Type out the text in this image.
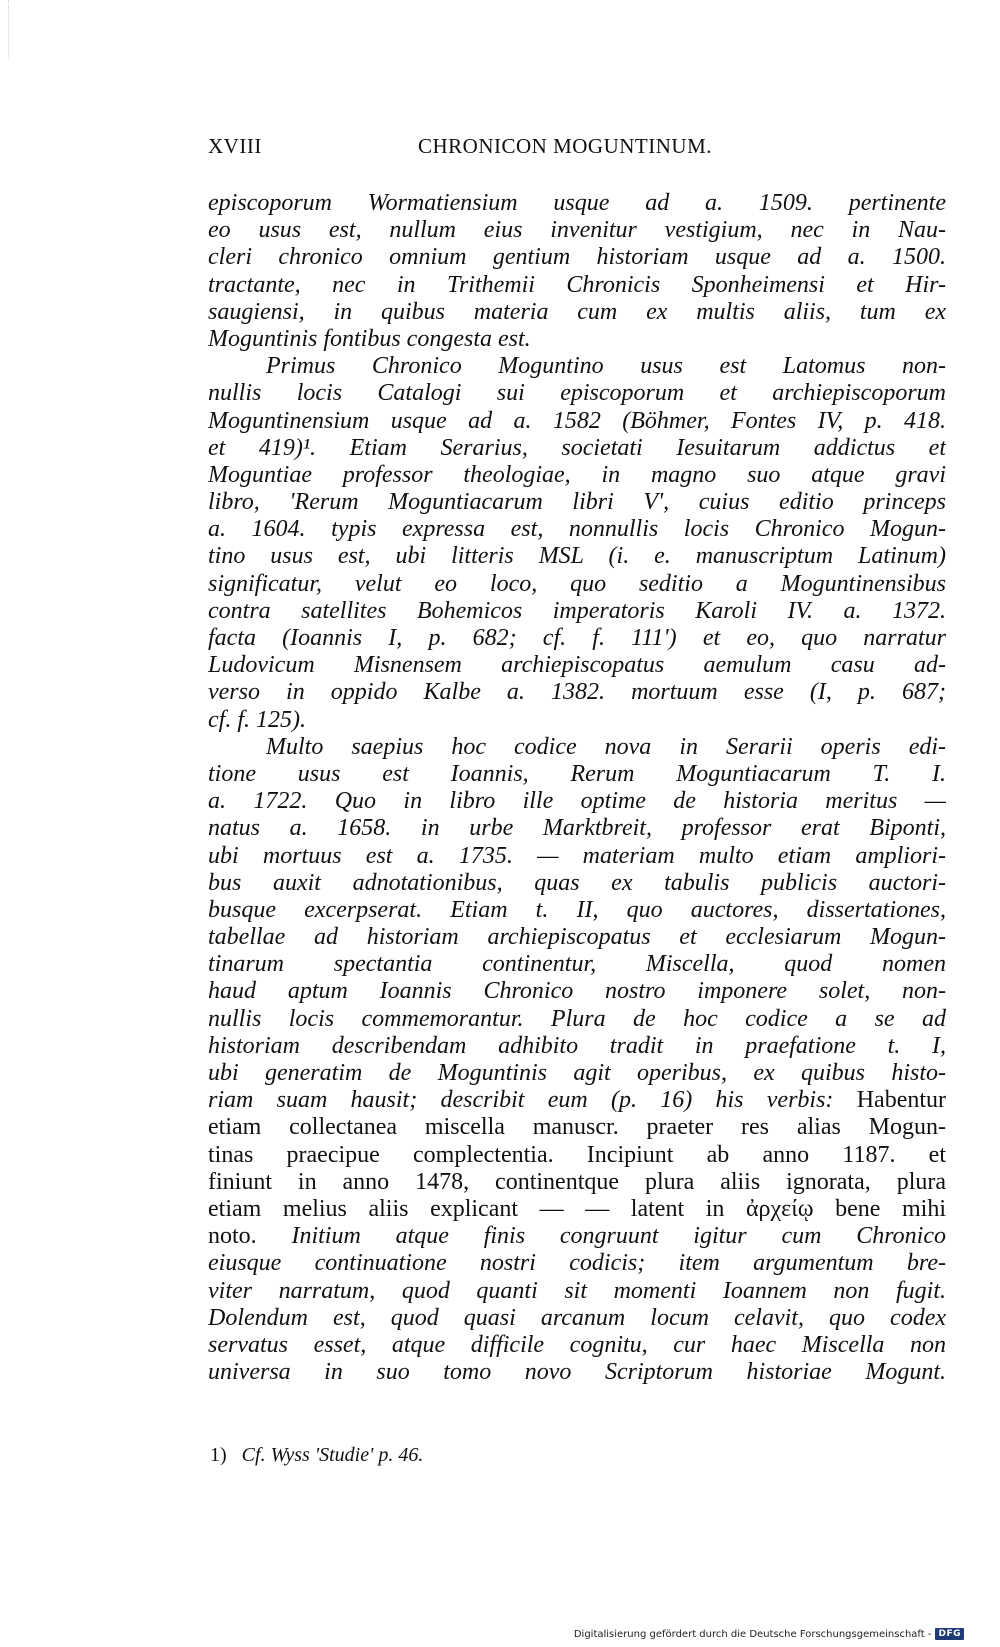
XVIII	CHRONICON MOGUNTINUM.
episcoporum Wormatiensium usque ad a. 1509. pertinente
eo usus est, nullum eius invenitur vestigium, nec in Nau-
cleri chronico omnium gentium historiam usque ad a. 1500.
tractante, nec in Trithemii Chronicis Sponheimensi et Hir-
saugiensi, in quibus materia cum ex multis aliis, tum ex
Moguntinis fontibus congesta est.
Primus Chronico Moguntino usus est Latomus non-
nullis locis Catalogi sui episcoporum et archiepiscoporum
Moguntinensium usque ad a. 1582 (Böhmer, Fontes IV, p. 418.
et 419)¹. Etiam Serarius, societati Iesuitarum addictus et
Moguntiae professor theologiae, in magno suo atque gravi
libro, 'Rerum Moguntiacarum libri V', cuius editio princeps
a. 1604. typis expressa est, nonnullis locis Chronico Mogun-
tino usus est, ubi litteris MSL (i. e. manuscriptum Latinum)
significatur, velut eo loco, quo seditio a Moguntinensibus
contra satellites Bohemicos imperatoris Karoli IV. a. 1372.
facta (Ioannis I, p. 682; cf. f. 111') et eo, quo narratur
Ludovicum Misnensem archiepiscopatus aemulum casu ad-
verso in oppido Kalbe a. 1382. mortuum esse (I, p. 687;
cf. f. 125).
Multo saepius hoc codice nova in Serarii operis edi-
tione usus est Ioannis, Rerum Moguntiacarum T. I.
a. 1722. Quo in libro ille optime de historia meritus —
natus a. 1658. in urbe Marktbreit, professor erat Biponti,
ubi mortuus est a. 1735. — materiam multo etiam ampliori-
bus auxit adnotationibus, quas ex tabulis publicis auctori-
busque excerpserat. Etiam t. II, quo auctores, dissertationes,
tabellae ad historiam archiepiscopatus et ecclesiarum Mogun-
tinarum spectantia continentur, Miscella, quod nomen
haud aptum Ioannis Chronico nostro imponere solet, non-
nullis locis commemorantur. Plura de hoc codice a se ad
historiam describendam adhibito tradit in praefatione t. I,
ubi generatim de Moguntinis agit operibus, ex quibus histo-
riam suam hausit; describit eum (p. 16) his verbis: Habentur
etiam collectanea miscella manuscr. praeter res alias Mogun-
tinas praecipue complectentia. Incipiunt ab anno 1187. et
finiunt in anno 1478, continentque plura aliis ignorata, plura
etiam melius aliis explicant — — latent in ἀρχείῳ bene mihi
noto. Initium atque finis congruunt igitur cum Chronico
eiusque continuatione nostri codicis; item argumentum bre-
viter narratum, quod quanti sit momenti Ioannem non fugit.
Dolendum est, quod quasi arcanum locum celavit, quo codex
servatus esset, atque difficile cognitu, cur haec Miscella non
universa in suo tomo novo Scriptorum historiae Mogunt.
1) Cf. Wyss 'Studie' p. 46.
Digitalisierung gefördert durch die Deutsche Forschungsgemeinschaft - DFG
